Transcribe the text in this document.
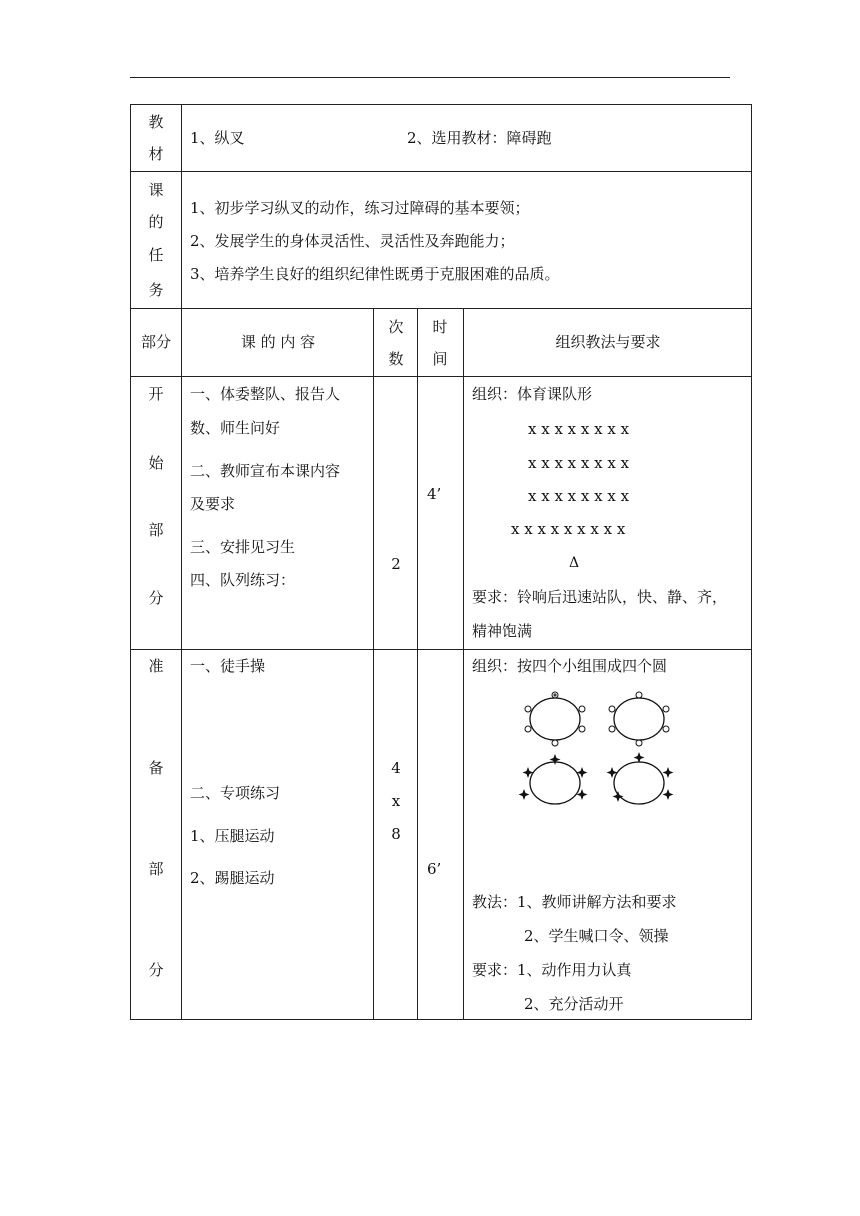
教
材
1、纵叉	2、选用教材：障碍跑
课
的
任
务
1、初步学习纵叉的动作，练习过障碍的基本要领；
2、发展学生的身体灵活性、灵活性及奔跑能力；
3、培养学生良好的组织纪律性既勇于克服困难的品质。
部分	课 的 内 容
次
数
时
间
组织教法与要求
开
始
部
分
一、体委整队、报告人
数、师生问好
二、教师宣布本课内容
及要求
三、安排见习生
四、队列练习：
2
4’
组织：体育课队形
x x x x x x x x
x x x x x x x x
x x x x x x x x
x x x x x x x x x
Δ
要求：铃响后迅速站队，快、静、齐，
精神饱满
准
备
部
分
一、徒手操
二、专项练习
1、压腿运动
2、踢腿运动
4
x
8
6’
组织：按四个小组围成四个圆
教法：1、教师讲解方法和要求
2、学生喊口令、领操
要求：1、动作用力认真
2、充分活动开
